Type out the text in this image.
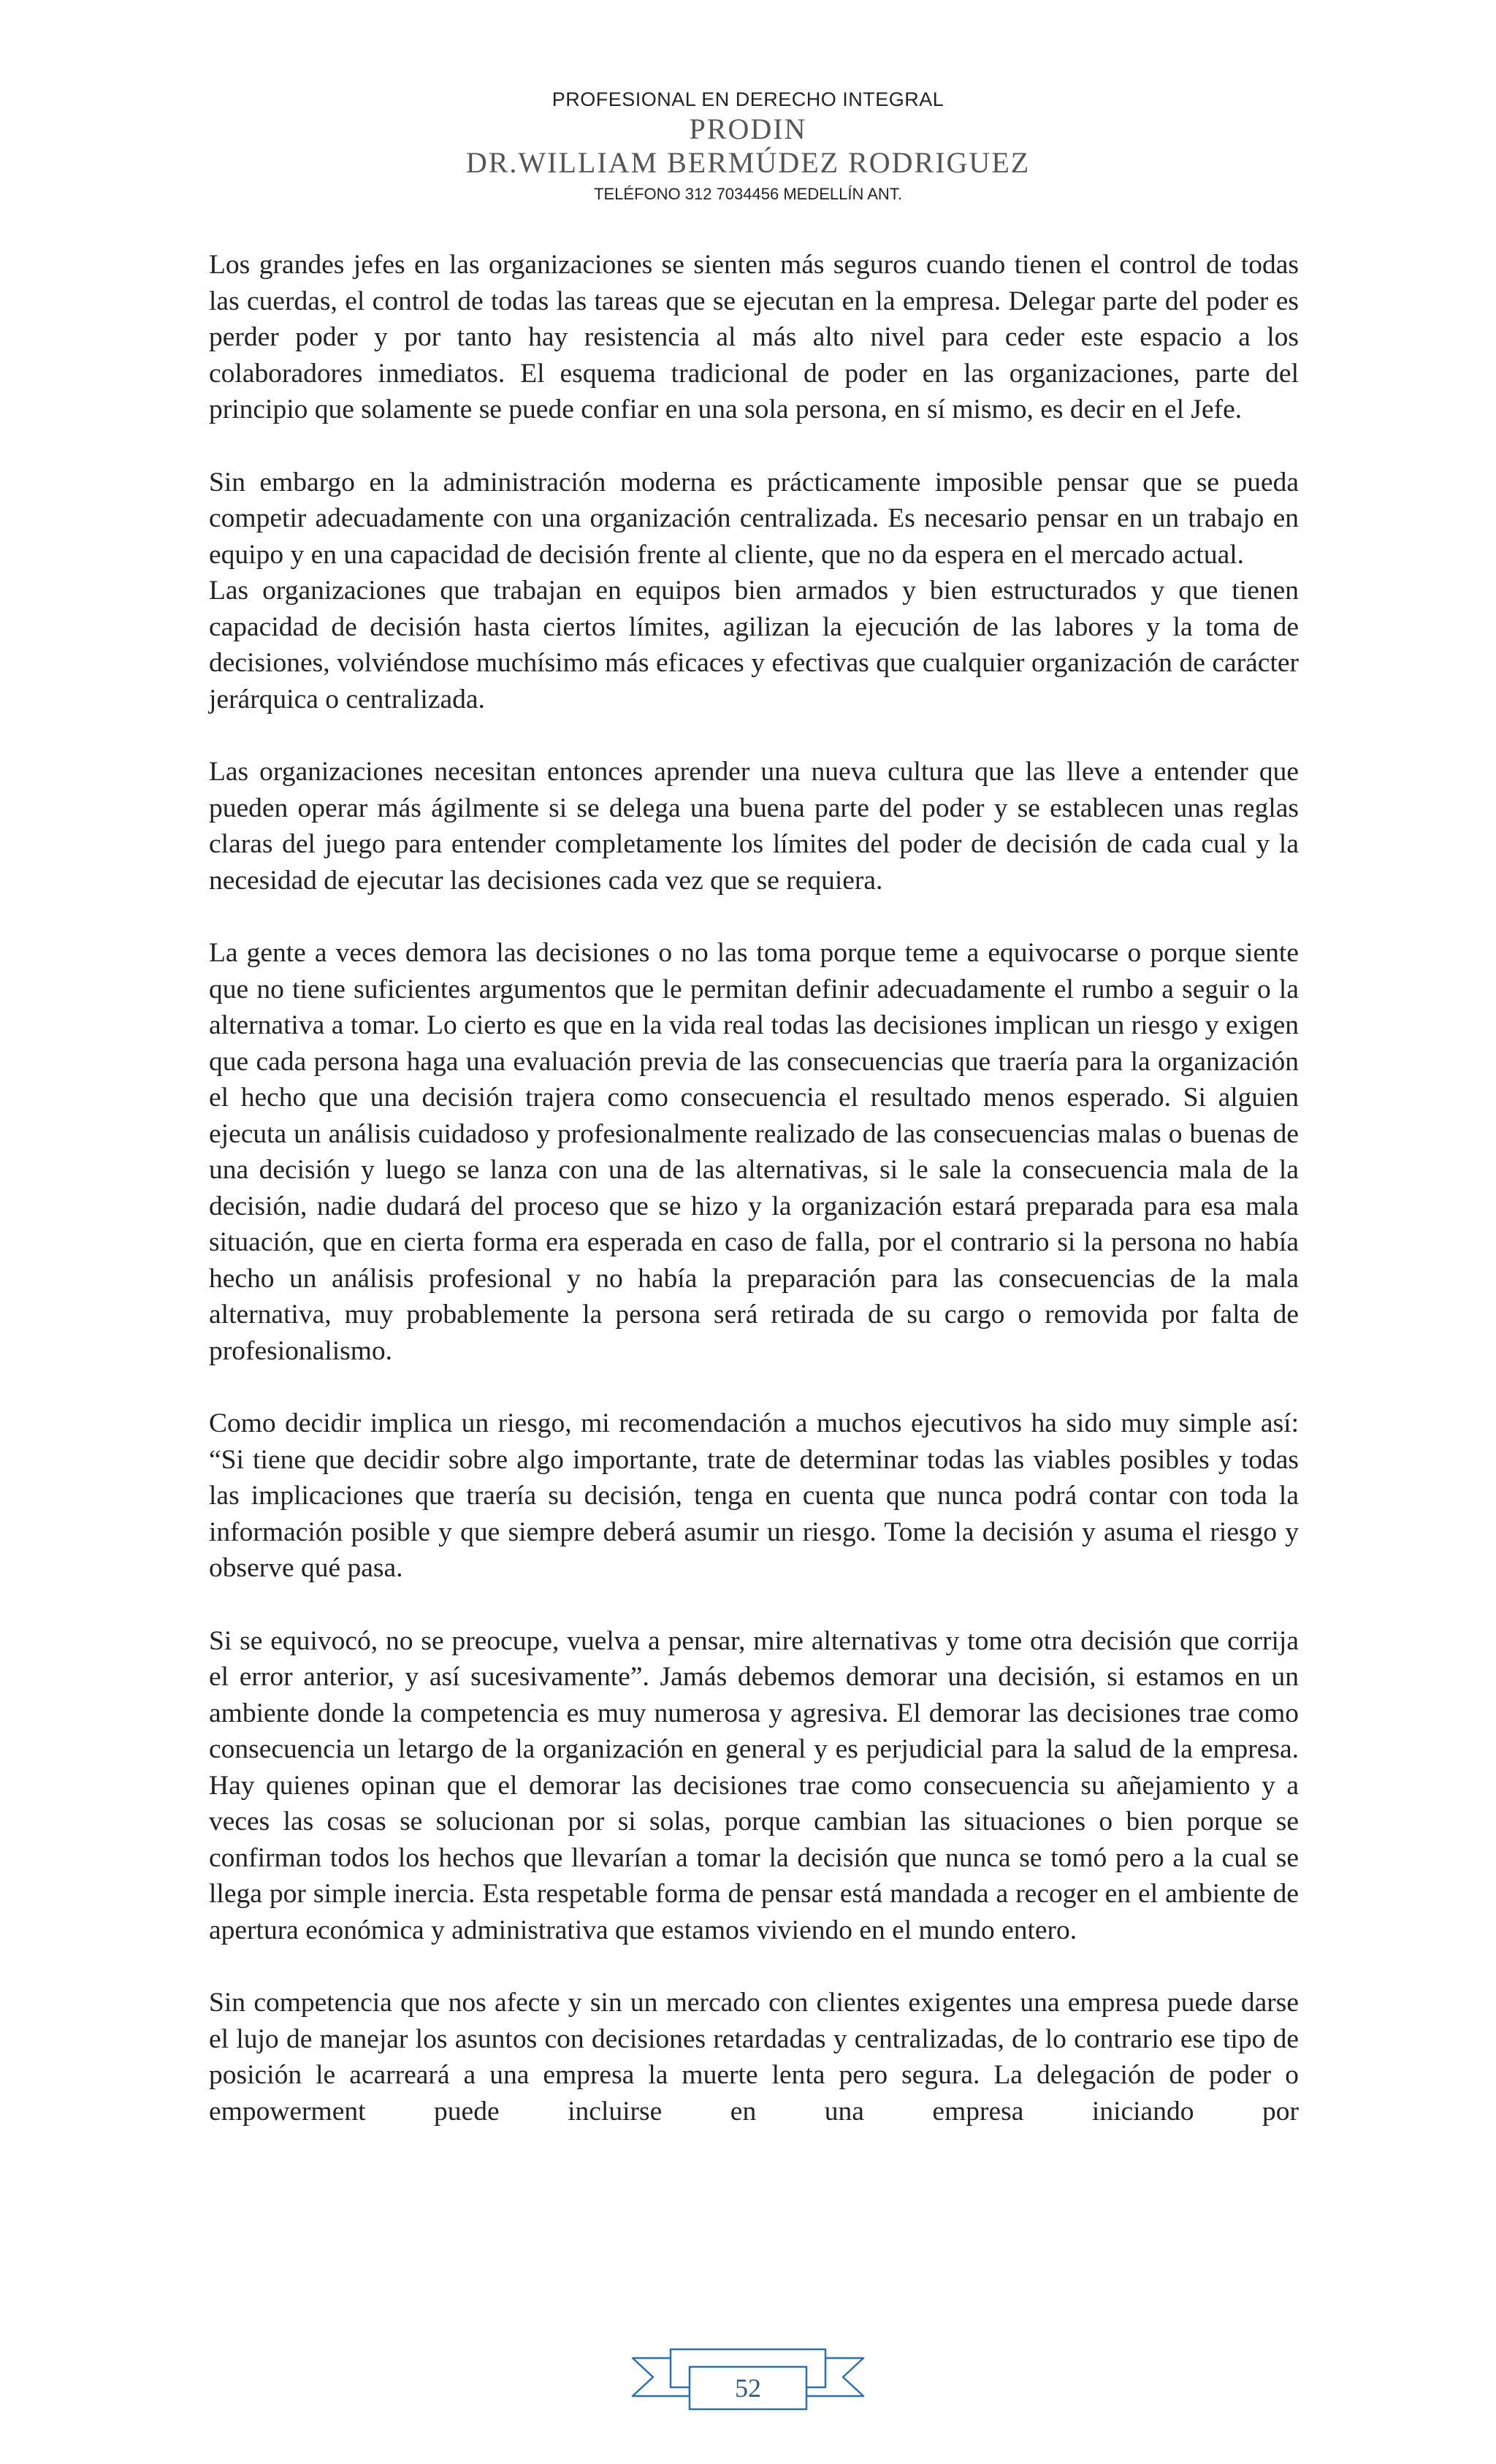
PROFESIONAL EN DERECHO INTEGRAL
PRODIN
DR.WILLIAM BERMÚDEZ RODRIGUEZ
TELÉFONO 312 7034456 MEDELLÍN ANT.

Los grandes jefes en las organizaciones se sienten más seguros cuando tienen el control de todas las cuerdas, el control de todas las tareas que se ejecutan en la empresa. Delegar parte del poder es perder poder y por tanto hay resistencia al más alto nivel para ceder este espacio a los colaboradores inmediatos. El esquema tradicional de poder en las organizaciones, parte del principio que solamente se puede confiar en una sola persona, en sí mismo, es decir en el Jefe.

Sin embargo en la administración moderna es prácticamente imposible pensar que se pueda competir adecuadamente con una organización centralizada. Es necesario pensar en un trabajo en equipo y en una capacidad de decisión frente al cliente, que no da espera en el mercado actual.

Las organizaciones que trabajan en equipos bien armados y bien estructurados y que tienen capacidad de decisión hasta ciertos límites, agilizan la ejecución de las labores y la toma de decisiones, volviéndose muchísimo más eficaces y efectivas que cualquier organización de carácter jerárquica o centralizada.

Las organizaciones necesitan entonces aprender una nueva cultura que las lleve a entender que pueden operar más ágilmente si se delega una buena parte del poder y se establecen unas reglas claras del juego para entender completamente los límites del poder de decisión de cada cual y la necesidad de ejecutar las decisiones cada vez que se requiera.

La gente a veces demora las decisiones o no las toma porque teme a equivocarse o porque siente que no tiene suficientes argumentos que le permitan definir adecuadamente el rumbo a seguir o la alternativa a tomar. Lo cierto es que en la vida real todas las decisiones implican un riesgo y exigen que cada persona haga una evaluación previa de las consecuencias que traería para la organización el hecho que una decisión trajera como consecuencia el resultado menos esperado. Si alguien ejecuta un análisis cuidadoso y profesionalmente realizado de las consecuencias malas o buenas de una decisión y luego se lanza con una de las alternativas, si le sale la consecuencia mala de la decisión, nadie dudará del proceso que se hizo y la organización estará preparada para esa mala situación, que en cierta forma era esperada en caso de falla, por el contrario si la persona no había hecho un análisis profesional y no había la preparación para las consecuencias de la mala alternativa, muy probablemente la persona será retirada de su cargo o removida por falta de profesionalismo.

Como decidir implica un riesgo, mi recomendación a muchos ejecutivos ha sido muy simple así: “Si tiene que decidir sobre algo importante, trate de determinar todas las viables posibles y todas las implicaciones que traería su decisión, tenga en cuenta que nunca podrá contar con toda la información posible y que siempre deberá asumir un riesgo. Tome la decisión y asuma el riesgo y observe qué pasa.

Si se equivocó, no se preocupe, vuelva a pensar, mire alternativas y tome otra decisión que corrija el error anterior, y así sucesivamente”. Jamás debemos demorar una decisión, si estamos en un ambiente donde la competencia es muy numerosa y agresiva. El demorar las decisiones trae como consecuencia un letargo de la organización en general y es perjudicial para la salud de la empresa. Hay quienes opinan que el demorar las decisiones trae como consecuencia su añejamiento y a veces las cosas se solucionan por si solas, porque cambian las situaciones o bien porque se confirman todos los hechos que llevarían a tomar la decisión que nunca se tomó pero a la cual se llega por simple inercia. Esta respetable forma de pensar está mandada a recoger en el ambiente de apertura económica y administrativa que estamos viviendo en el mundo entero.

Sin competencia que nos afecte y sin un mercado con clientes exigentes una empresa puede darse el lujo de manejar los asuntos con decisiones retardadas y centralizadas, de lo contrario ese tipo de posición le acarreará a una empresa la muerte lenta pero segura. La delegación de poder o empowerment puede incluirse en una empresa iniciando por

52
